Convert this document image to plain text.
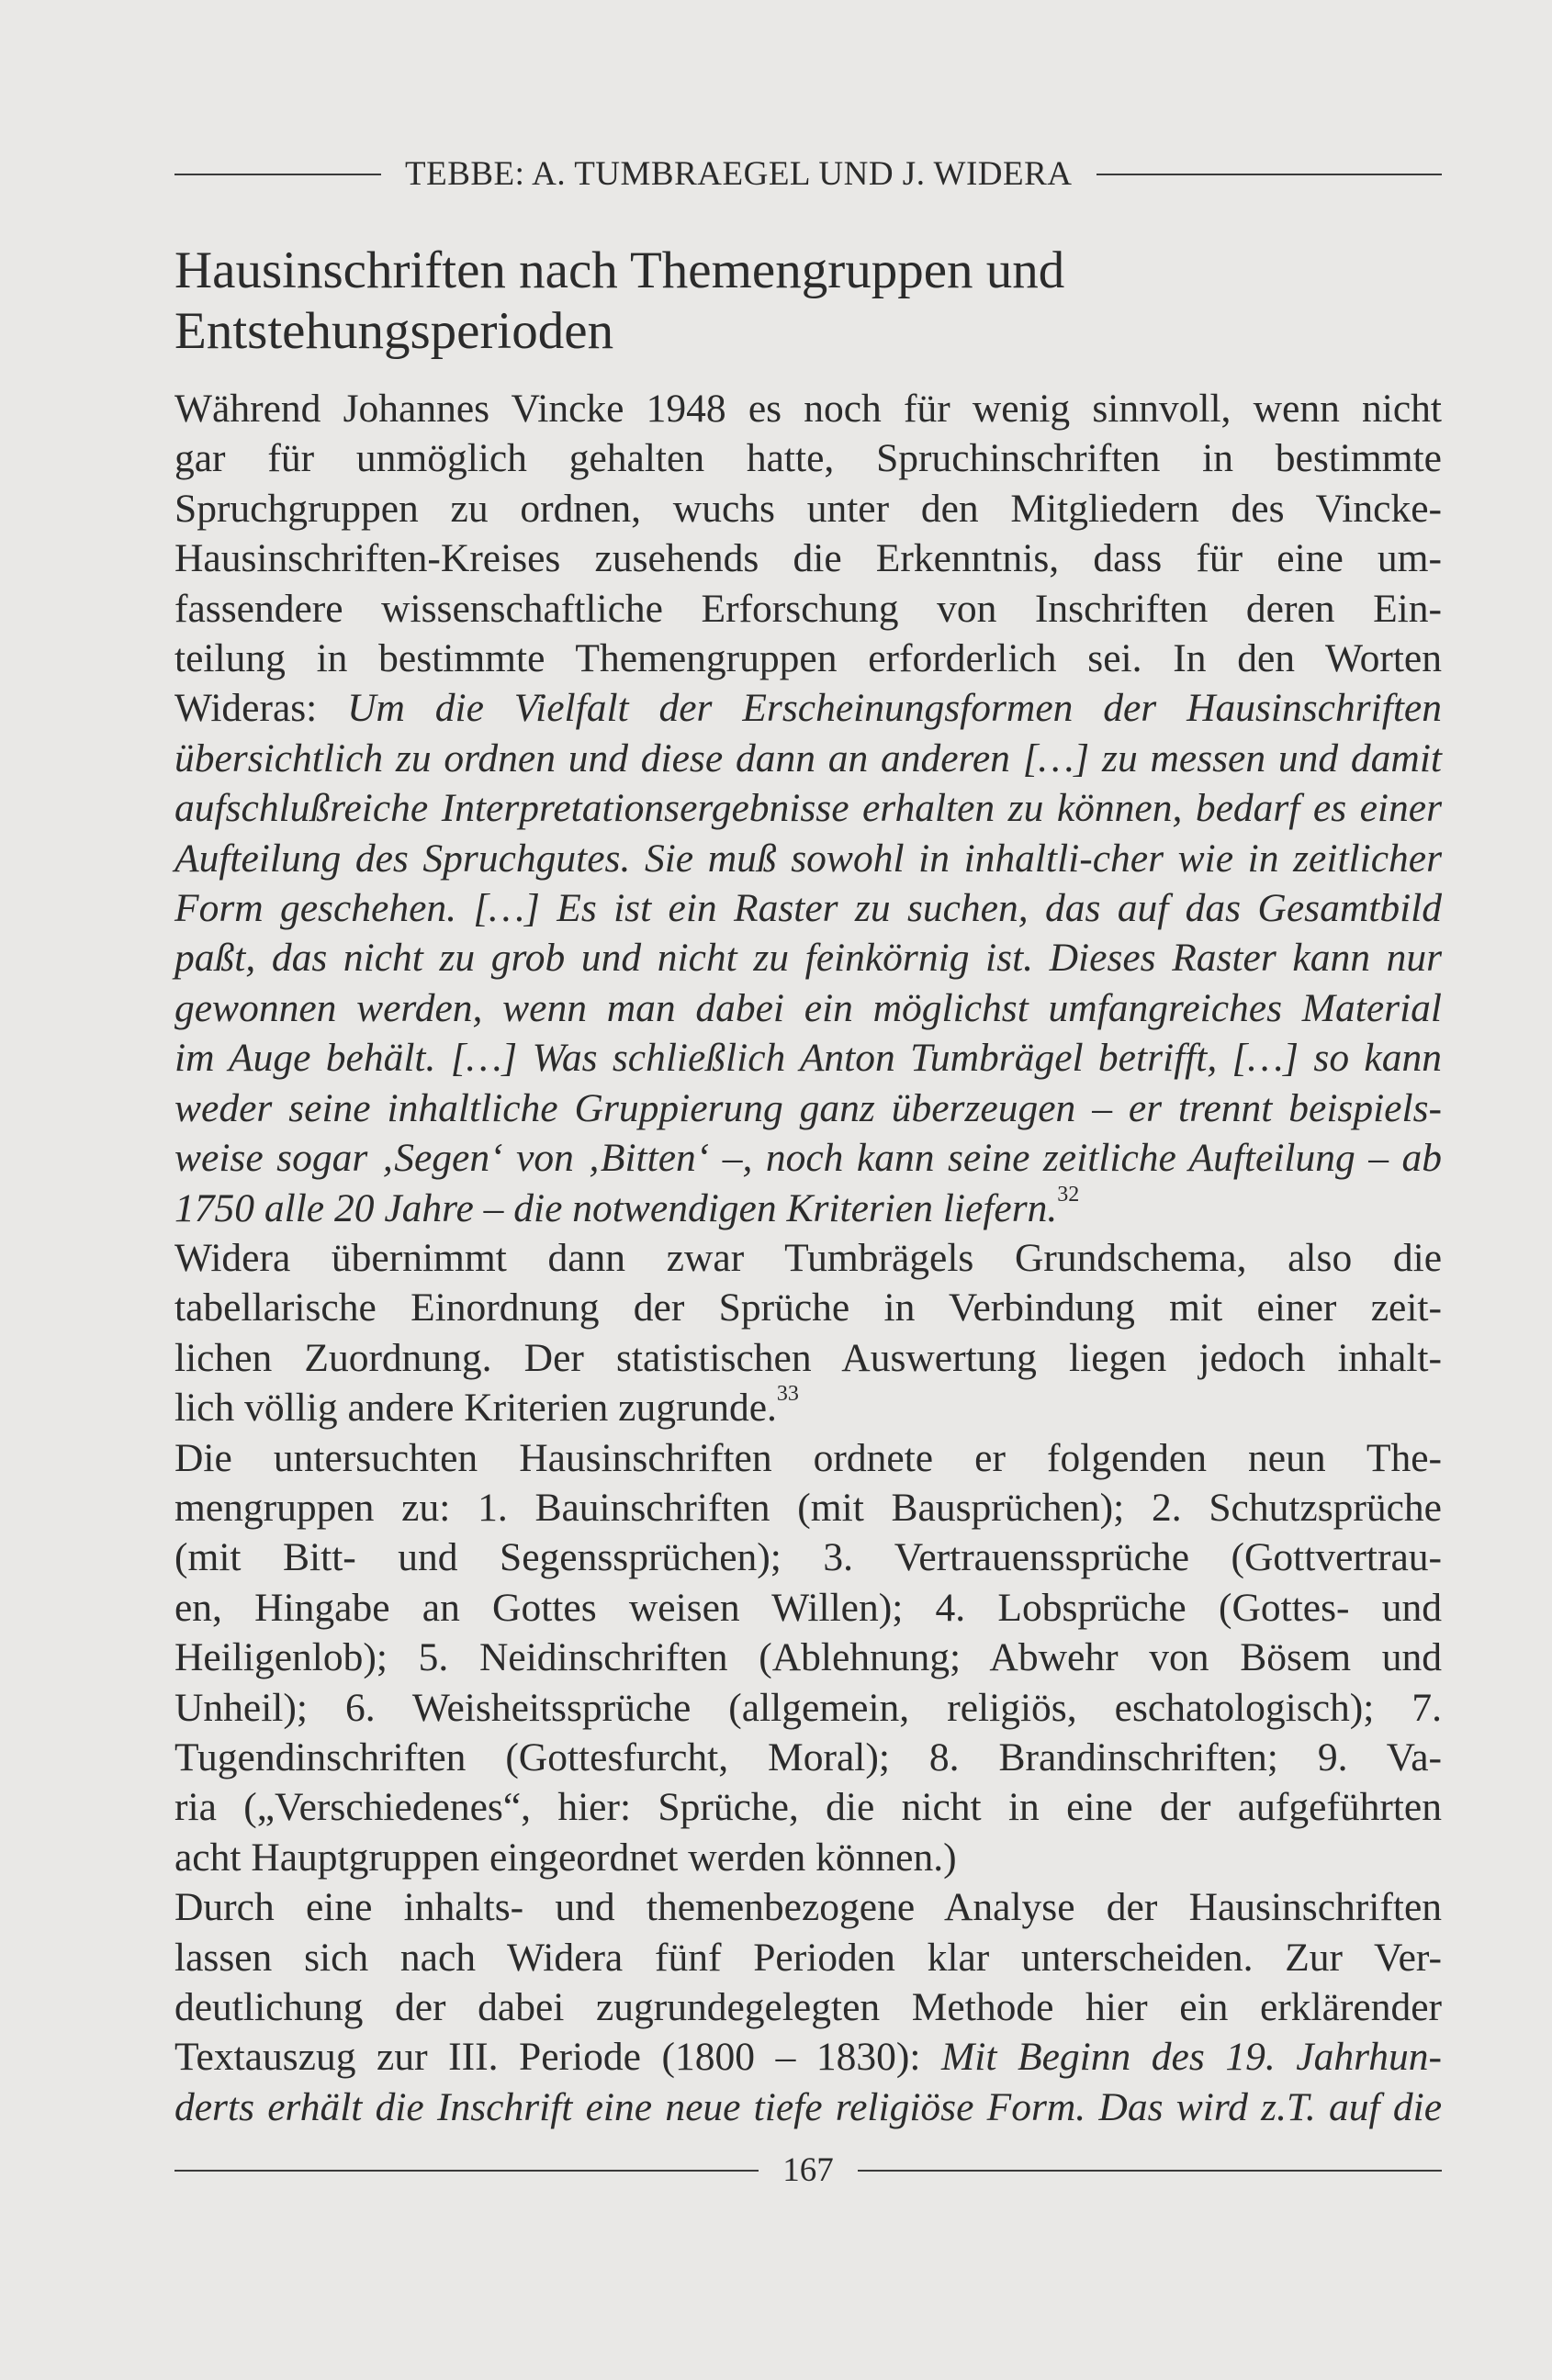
TEBBE: A. TUMBRAEGEL UND J. WIDERA
Hausinschriften nach Themengruppen und
Entstehungsperioden
Während Johannes Vincke 1948 es noch für wenig sinnvoll, wenn nicht
gar für unmöglich gehalten hatte, Spruchinschriften in bestimmte
Spruchgruppen zu ordnen, wuchs unter den Mitgliedern des Vincke-
Hausinschriften-Kreises zusehends die Erkenntnis, dass für eine um-
fassendere wissenschaftliche Erforschung von Inschriften deren Ein-
teilung in bestimmte Themengruppen erforderlich sei. In den Worten
Wideras: Um die Vielfalt der Erscheinungsformen der Hausinschriften
übersichtlich zu ordnen und diese dann an anderen […] zu messen und damit
aufschlußreiche Interpretationsergebnisse erhalten zu können, bedarf es einer
Aufteilung des Spruchgutes. Sie muß sowohl in inhaltli-cher wie in zeitlicher
Form geschehen. […] Es ist ein Raster zu suchen, das auf das Gesamtbild
paßt, das nicht zu grob und nicht zu feinkörnig ist. Dieses Raster kann nur
gewonnen werden, wenn man dabei ein möglichst umfangreiches Material
im Auge behält. […] Was schließlich Anton Tumbrägel betrifft, […] so kann
weder seine inhaltliche Gruppierung ganz überzeugen – er trennt beispiels-
weise sogar ‚Segen‘ von ‚Bitten‘ –, noch kann seine zeitliche Aufteilung – ab
1750 alle 20 Jahre – die notwendigen Kriterien liefern.$^{32}$
Widera übernimmt dann zwar Tumbrägels Grundschema, also die
tabellarische Einordnung der Sprüche in Verbindung mit einer zeit-
lichen Zuordnung. Der statistischen Auswertung liegen jedoch inhalt-
lich völlig andere Kriterien zugrunde.$^{33}$
Die untersuchten Hausinschriften ordnete er folgenden neun The-
mengruppen zu: 1. Bauinschriften (mit Bausprüchen); 2. Schutzsprüche
(mit Bitt- und Segenssprüchen); 3. Vertrauenssprüche (Gottvertrau-
en, Hingabe an Gottes weisen Willen); 4. Lobsprüche (Gottes- und
Heiligenlob); 5. Neidinschriften (Ablehnung; Abwehr von Bösem und
Unheil); 6. Weisheitssprüche (allgemein, religiös, eschatologisch); 7.
Tugendinschriften (Gottesfurcht, Moral); 8. Brandinschriften; 9. Va-
ria („Verschiedenes“, hier: Sprüche, die nicht in eine der aufgeführten
acht Hauptgruppen eingeordnet werden können.)
Durch eine inhalts- und themenbezogene Analyse der Hausinschriften
lassen sich nach Widera fünf Perioden klar unterscheiden. Zur Ver-
deutlichung der dabei zugrundegelegten Methode hier ein erklärender
Textauszug zur III. Periode (1800 – 1830): Mit Beginn des 19. Jahrhun-
derts erhält die Inschrift eine neue tiefe religiöse Form. Das wird z.T. auf die
167
